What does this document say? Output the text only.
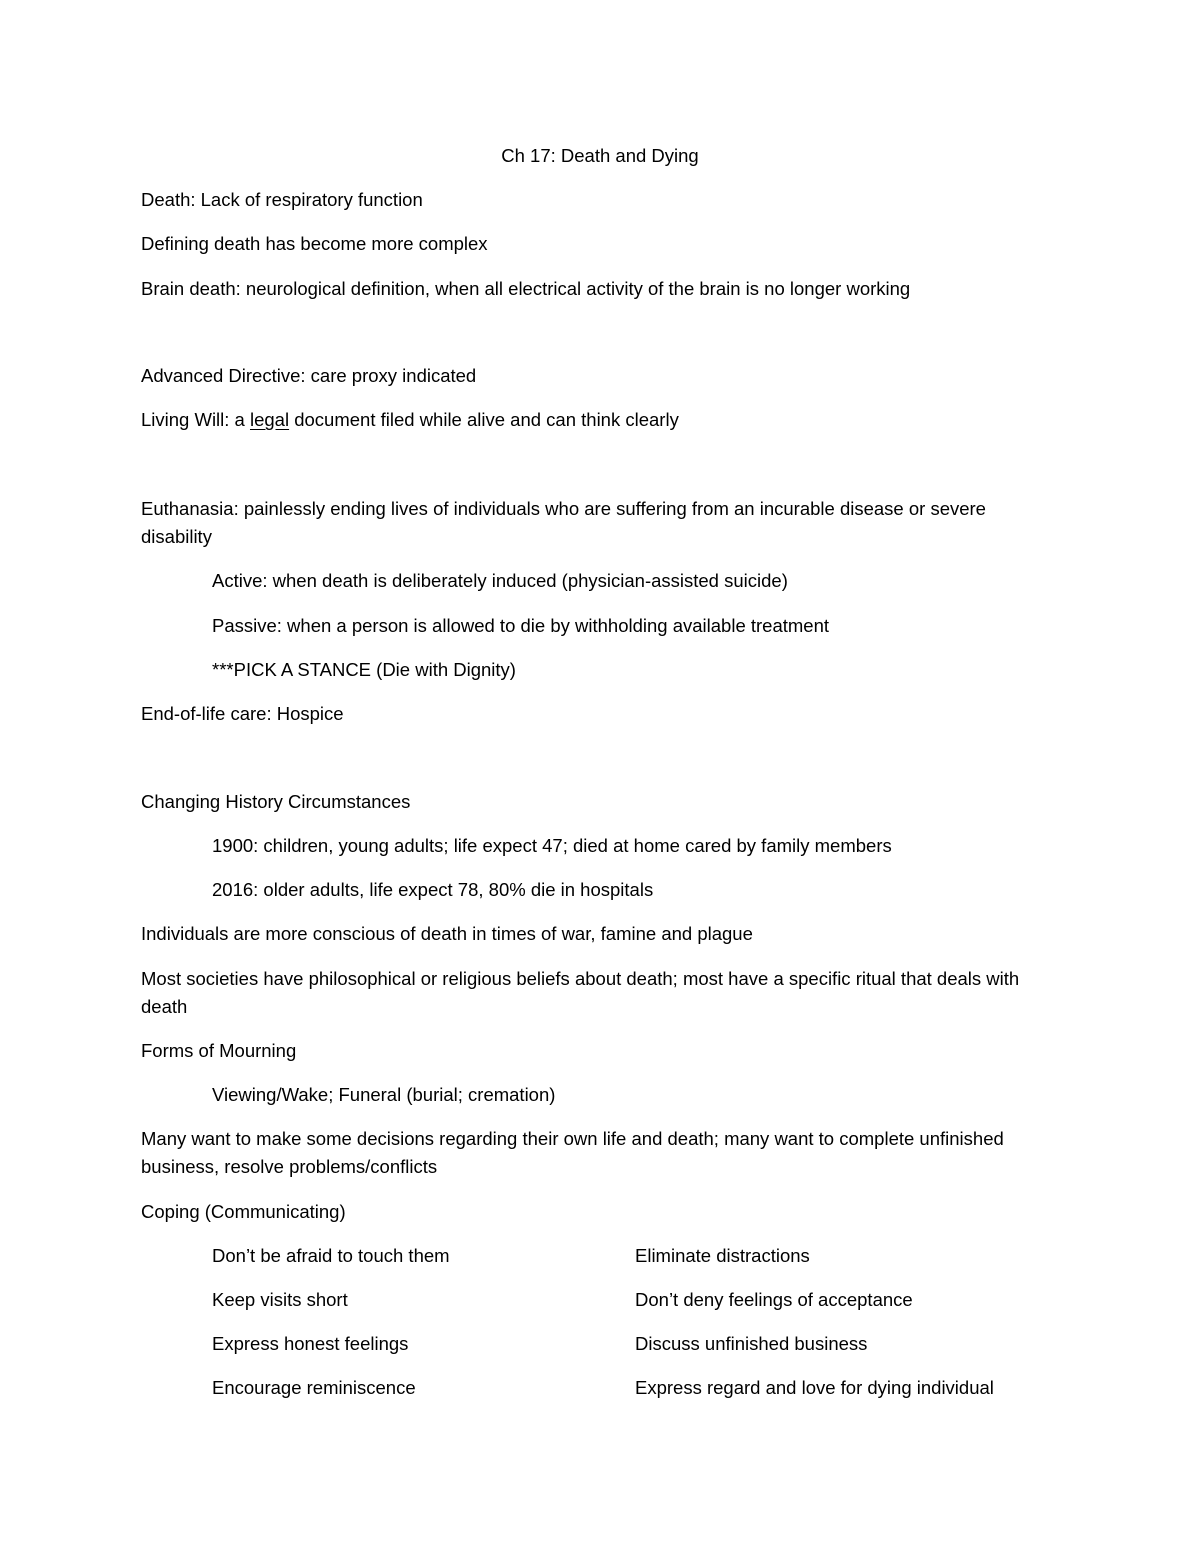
Ch 17: Death and Dying

Death: Lack of respiratory function

Defining death has become more complex

Brain death: neurological definition, when all electrical activity of the brain is no longer working

Advanced Directive: care proxy indicated

Living Will: a legal document filed while alive and can think clearly

Euthanasia: painlessly ending lives of individuals who are suffering from an incurable disease or severe disability

Active: when death is deliberately induced (physician-assisted suicide)

Passive: when a person is allowed to die by withholding available treatment

***PICK A STANCE (Die with Dignity)

End-of-life care: Hospice

Changing History Circumstances

1900: children, young adults; life expect 47; died at home cared by family members

2016: older adults, life expect 78, 80% die in hospitals

Individuals are more conscious of death in times of war, famine and plague

Most societies have philosophical or religious beliefs about death; most have a specific ritual that deals with death

Forms of Mourning

Viewing/Wake; Funeral (burial; cremation)

Many want to make some decisions regarding their own life and death; many want to complete unfinished business, resolve problems/conflicts

Coping (Communicating)

Don’t be afraid to touch them

Keep visits short

Express honest feelings

Encourage reminiscence

Eliminate distractions

Don’t deny feelings of acceptance

Discuss unfinished business

Express regard and love for dying individual
